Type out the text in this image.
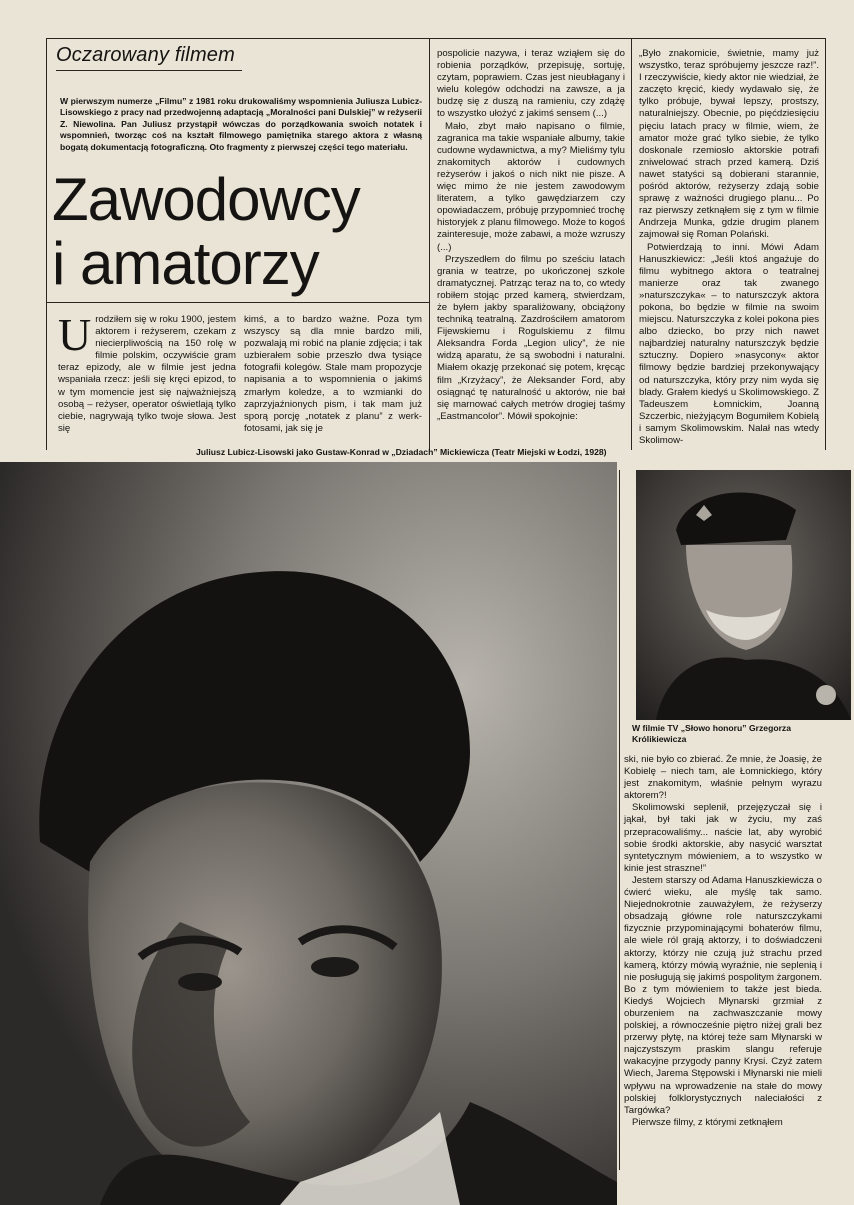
Oczarowany filmem

W pierwszym numerze „Filmu” z 1981 roku drukowaliśmy wspomnienia Juliusza Lubicz-Lisowskiego z pracy nad przedwojenną adaptacją „Moralności pani Dulskiej” w reżyserii Z. Niewolina. Pan Juliusz przystąpił wówczas do porządkowania swoich notatek i wspomnień, tworząc coś na kształt filmowego pamiętnika starego aktora z własną bogatą dokumentacją fotograficzną. Oto fragmenty z pierwszej części tego materiału.

Zawodowcy
i amatorzy
U rodziłem się w roku 1900, jestem aktorem i reżyserem, czekam z niecierpliwością na 150 rolę w filmie polskim, oczywiście gram teraz epizody, ale w filmie jest jedna wspaniała rzecz: jeśli się kręci epizod, to w tym momencie jest się najważniejszą osobą – reżyser, operator oświetlają tylko ciebie, nagrywają tylko twoje słowa. Jest się
kimś, a to bardzo ważne. Poza tym wszyscy są dla mnie bardzo mili, pozwalają mi robić na planie zdjęcia; i tak uzbierałem sobie przeszło dwa tysiące fotografii kolegów. Stale mam propozycje napisania a to wspomnienia o jakimś zmarłym koledze, a to wzmianki do zaprzyjaźnionych pism, i tak mam już sporą porcję „notatek z planu” z werk-fotosami, jak się je

pospolicie nazywa, i teraz wziąłem się do robienia porządków, przepisuję, sortuję, czytam, poprawiem. Czas jest nieubłagany i wielu kolegów odchodzi na zawsze, a ja budzę się z duszą na ramieniu, czy zdążę to wszystko ułożyć z jakimś sensem (...)

Mało, zbyt mało napisano o filmie, zagranica ma takie wspaniałe albumy, takie cudowne wydawnictwa, a my? Mieliśmy tylu znakomitych aktorów i cudownych reżyserów i jakoś o nich nikt nie pisze. A więc mimo że nie jestem zawodowym literatem, a tylko gawędziarzem czy opowiadaczem, próbuję przypomnieć trochę historyjek z planu filmowego. Może to kogoś zainteresuje, może zabawi, a może wzruszy (...)

Przyszedłem do filmu po sześciu latach grania w teatrze, po ukończonej szkole dramatycznej. Patrząc teraz na to, co wtedy robiłem stojąc przed kamerą, stwierdzam, że byłem jakby sparaliżowany, obciążony techniką teatralną. Zazdrościłem amatorom Fijewskiemu i Rogulskiemu z filmu Aleksandra Forda „Legion ulicy”, że nie widzą aparatu, że są swobodni i naturalni. Miałem okazję przekonać się potem, kręcąc film „Krzyżacy”, że Aleksander Ford, aby osiągnąć tę naturalność u aktorów, nie bał się marnować całych metrów drogiej taśmy „Eastmancolor”. Mówił spokojnie:

„Było znakomicie, świetnie, mamy już wszystko, teraz spróbujemy jeszcze raz!”. I rzeczywiście, kiedy aktor nie wiedział, że zaczęto kręcić, kiedy wydawało się, że tylko próbuje, bywał lepszy, prostszy, naturalniejszy. Obecnie, po pięćdziesięciu pięciu latach pracy w filmie, wiem, że amator może grać tylko siebie, że tylko doskonale rzemiosło aktorskie potrafi zniwelować strach przed kamerą. Dziś nawet statyści są dobierani starannie, pośród aktorów, reżyserzy zdają sobie sprawę z ważności drugiego planu... Po raz pierwszy zetknąłem się z tym w filmie Andrzeja Munka, gdzie drugim planem zajmował się Roman Polański.

Potwierdzają to inni. Mówi Adam Hanuszkiewicz: „Jeśli ktoś angażuje do filmu wybitnego aktora o teatralnej manierze oraz tak zwanego »naturszczyka« – to naturszczyk aktora pokona, bo będzie w filmie na swoim miejscu. Naturszczyka z kolei pokona pies albo dziecko, bo przy nich nawet najbardziej naturalny naturszczyk będzie sztuczny. Dopiero »nasycony« aktor filmowy będzie bardziej przekonywający od naturszczyka, który przy nim wyda się blady. Grałem kiedyś u Skolimowskiego. Z Tadeuszem Łomnickim, Joanną Szczerbic, nieżyjącym Bogumiłem Kobielą i samym Skolimowskim. Nalał nas wtedy Skolimow-

Juliusz Lubicz-Lisowski jako Gustaw-Konrad w „Dziadach” Mickiewicza (Teatr Miejski w Łodzi, 1928)

W filmie TV „Słowo honoru” Grzegorza Królikiewicza

ski, nie było co zbierać. Że mnie, że Joasię, że Kobielę – niech tam, ale Łomnickiego, który jest znakomitym, właśnie pełnym wyrazu aktorem?!

Skolimowski seplenił, przejęzyczał się i jąkał, był taki jak w życiu, my zaś przepracowaliśmy... naście lat, aby wyrobić sobie środki aktorskie, aby nasycić warsztat syntetycznym mówieniem, a to wszystko w kinie jest straszne!”

Jestem starszy od Adama Hanuszkiewicza o ćwierć wieku, ale myślę tak samo. Niejednokrotnie zauważyłem, że reżyserzy obsadzają główne role naturszczykami fizycznie przypominającymi bohaterów filmu, ale wiele ról grają aktorzy, i to doświadczeni aktorzy, którzy nie czują już strachu przed kamerą, którzy mówią wyraźnie, nie seplenią i nie posługują się jakimś pospolitym żargonem. Bo z tym mówieniem to także jest bieda. Kiedyś Wojciech Młynarski grzmiał z oburzeniem na zachwaszczanie mowy polskiej, a równocześnie piętro niżej grali bez przerwy płytę, na której teże sam Młynarski w najczystszym praskim slangu referuje wakacyjne przygody panny Krysi. Czyż zatem Wiech, Jarema Stępowski i Młynarski nie mieli wpływu na wprowadzenie na stałe do mowy polskiej folklorystycznych naleciałości z Targówka?

Pierwsze filmy, z którymi zetknąłem
